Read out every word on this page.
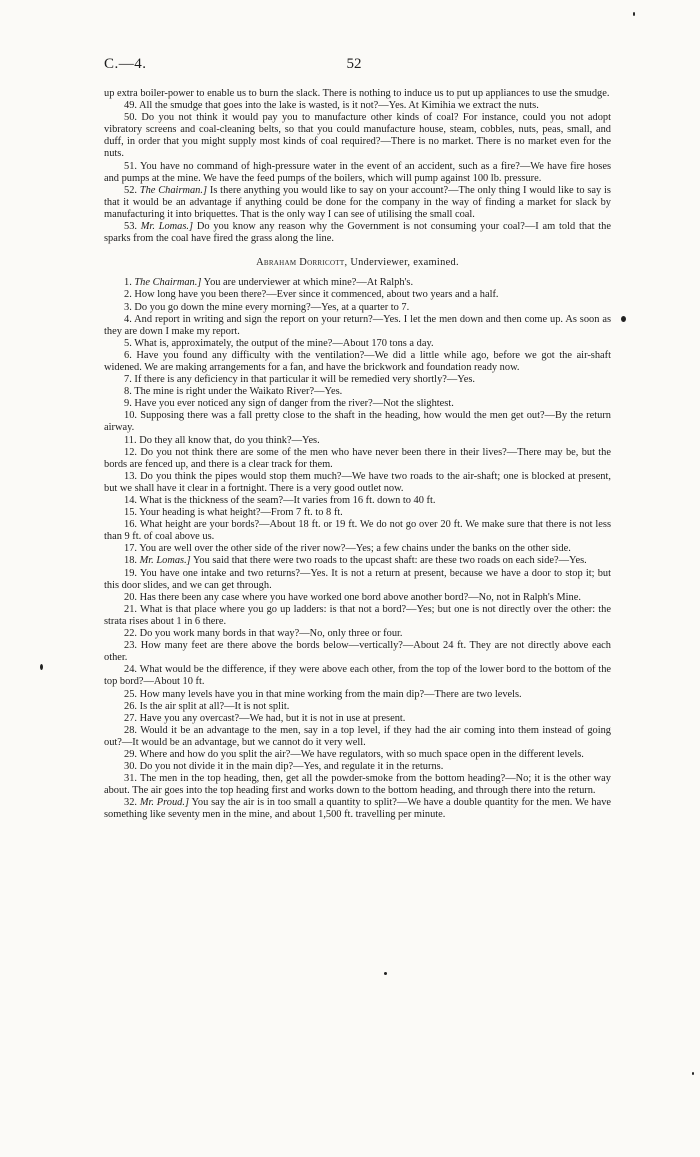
52
C.—4.

up extra boiler-power to enable us to burn the slack. There is nothing to induce us to put up appliances to use the smudge.

49. All the smudge that goes into the lake is wasted, is it not?—Yes. At Kimihia we extract the nuts.

50. Do you not think it would pay you to manufacture other kinds of coal? For instance, could you not adopt vibratory screens and coal-cleaning belts, so that you could manufacture house, steam, cobbles, nuts, peas, small, and duff, in order that you might supply most kinds of coal required?—There is no market. There is no market even for the nuts.

51. You have no command of high-pressure water in the event of an accident, such as a fire?—We have fire hoses and pumps at the mine. We have the feed pumps of the boilers, which will pump against 100 lb. pressure.

52. The Chairman.] Is there anything you would like to say on your account?—The only thing I would like to say is that it would be an advantage if anything could be done for the company in the way of finding a market for slack by manufacturing it into briquettes. That is the only way I can see of utilising the small coal.

53. Mr. Lomas.] Do you know any reason why the Government is not consuming your coal?—I am told that the sparks from the coal have fired the grass along the line.

Abraham Dorricott, Underviewer, examined.

1. The Chairman.] You are underviewer at which mine?—At Ralph's.

2. How long have you been there?—Ever since it commenced, about two years and a half.

3. Do you go down the mine every morning?—Yes, at a quarter to 7.

4. And report in writing and sign the report on your return?—Yes. I let the men down and then come up. As soon as they are down I make my report.

5. What is, approximately, the output of the mine?—About 170 tons a day.

6. Have you found any difficulty with the ventilation?—We did a little while ago, before we got the air-shaft widened. We are making arrangements for a fan, and have the brickwork and foundation ready now.

7. If there is any deficiency in that particular it will be remedied very shortly?—Yes.

8. The mine is right under the Waikato River?—Yes.

9. Have you ever noticed any sign of danger from the river?—Not the slightest.

10. Supposing there was a fall pretty close to the shaft in the heading, how would the men get out?—By the return airway.

11. Do they all know that, do you think?—Yes.

12. Do you not think there are some of the men who have never been there in their lives?—There may be, but the bords are fenced up, and there is a clear track for them.

13. Do you think the pipes would stop them much?—We have two roads to the air-shaft; one is blocked at present, but we shall have it clear in a fortnight. There is a very good outlet now.

14. What is the thickness of the seam?—It varies from 16 ft. down to 40 ft.

15. Your heading is what height?—From 7 ft. to 8 ft.

16. What height are your bords?—About 18 ft. or 19 ft. We do not go over 20 ft. We make sure that there is not less than 9 ft. of coal above us.

17. You are well over the other side of the river now?—Yes; a few chains under the banks on the other side.

18. Mr. Lomas.] You said that there were two roads to the upcast shaft: are these two roads on each side?—Yes.

19. You have one intake and two returns?—Yes. It is not a return at present, because we have a door to stop it; but this door slides, and we can get through.

20. Has there been any case where you have worked one bord above another bord?—No, not in Ralph's Mine.

21. What is that place where you go up ladders: is that not a bord?—Yes; but one is not directly over the other: the strata rises about 1 in 6 there.

22. Do you work many bords in that way?—No, only three or four.

23. How many feet are there above the bords below—vertically?—About 24 ft. They are not directly above each other.

24. What would be the difference, if they were above each other, from the top of the lower bord to the bottom of the top bord?—About 10 ft.

25. How many levels have you in that mine working from the main dip?—There are two levels.

26. Is the air split at all?—It is not split.

27. Have you any overcast?—We had, but it is not in use at present.

28. Would it be an advantage to the men, say in a top level, if they had the air coming into them instead of going out?—It would be an advantage, but we cannot do it very well.

29. Where and how do you split the air?—We have regulators, with so much space open in the different levels.

30. Do you not divide it in the main dip?—Yes, and regulate it in the returns.

31. The men in the top heading, then, get all the powder-smoke from the bottom heading?—No; it is the other way about. The air goes into the top heading first and works down to the bottom heading, and through there into the return.

32. Mr. Proud.] You say the air is in too small a quantity to split?—We have a double quantity for the men. We have something like seventy men in the mine, and about 1,500 ft. travelling per minute.
